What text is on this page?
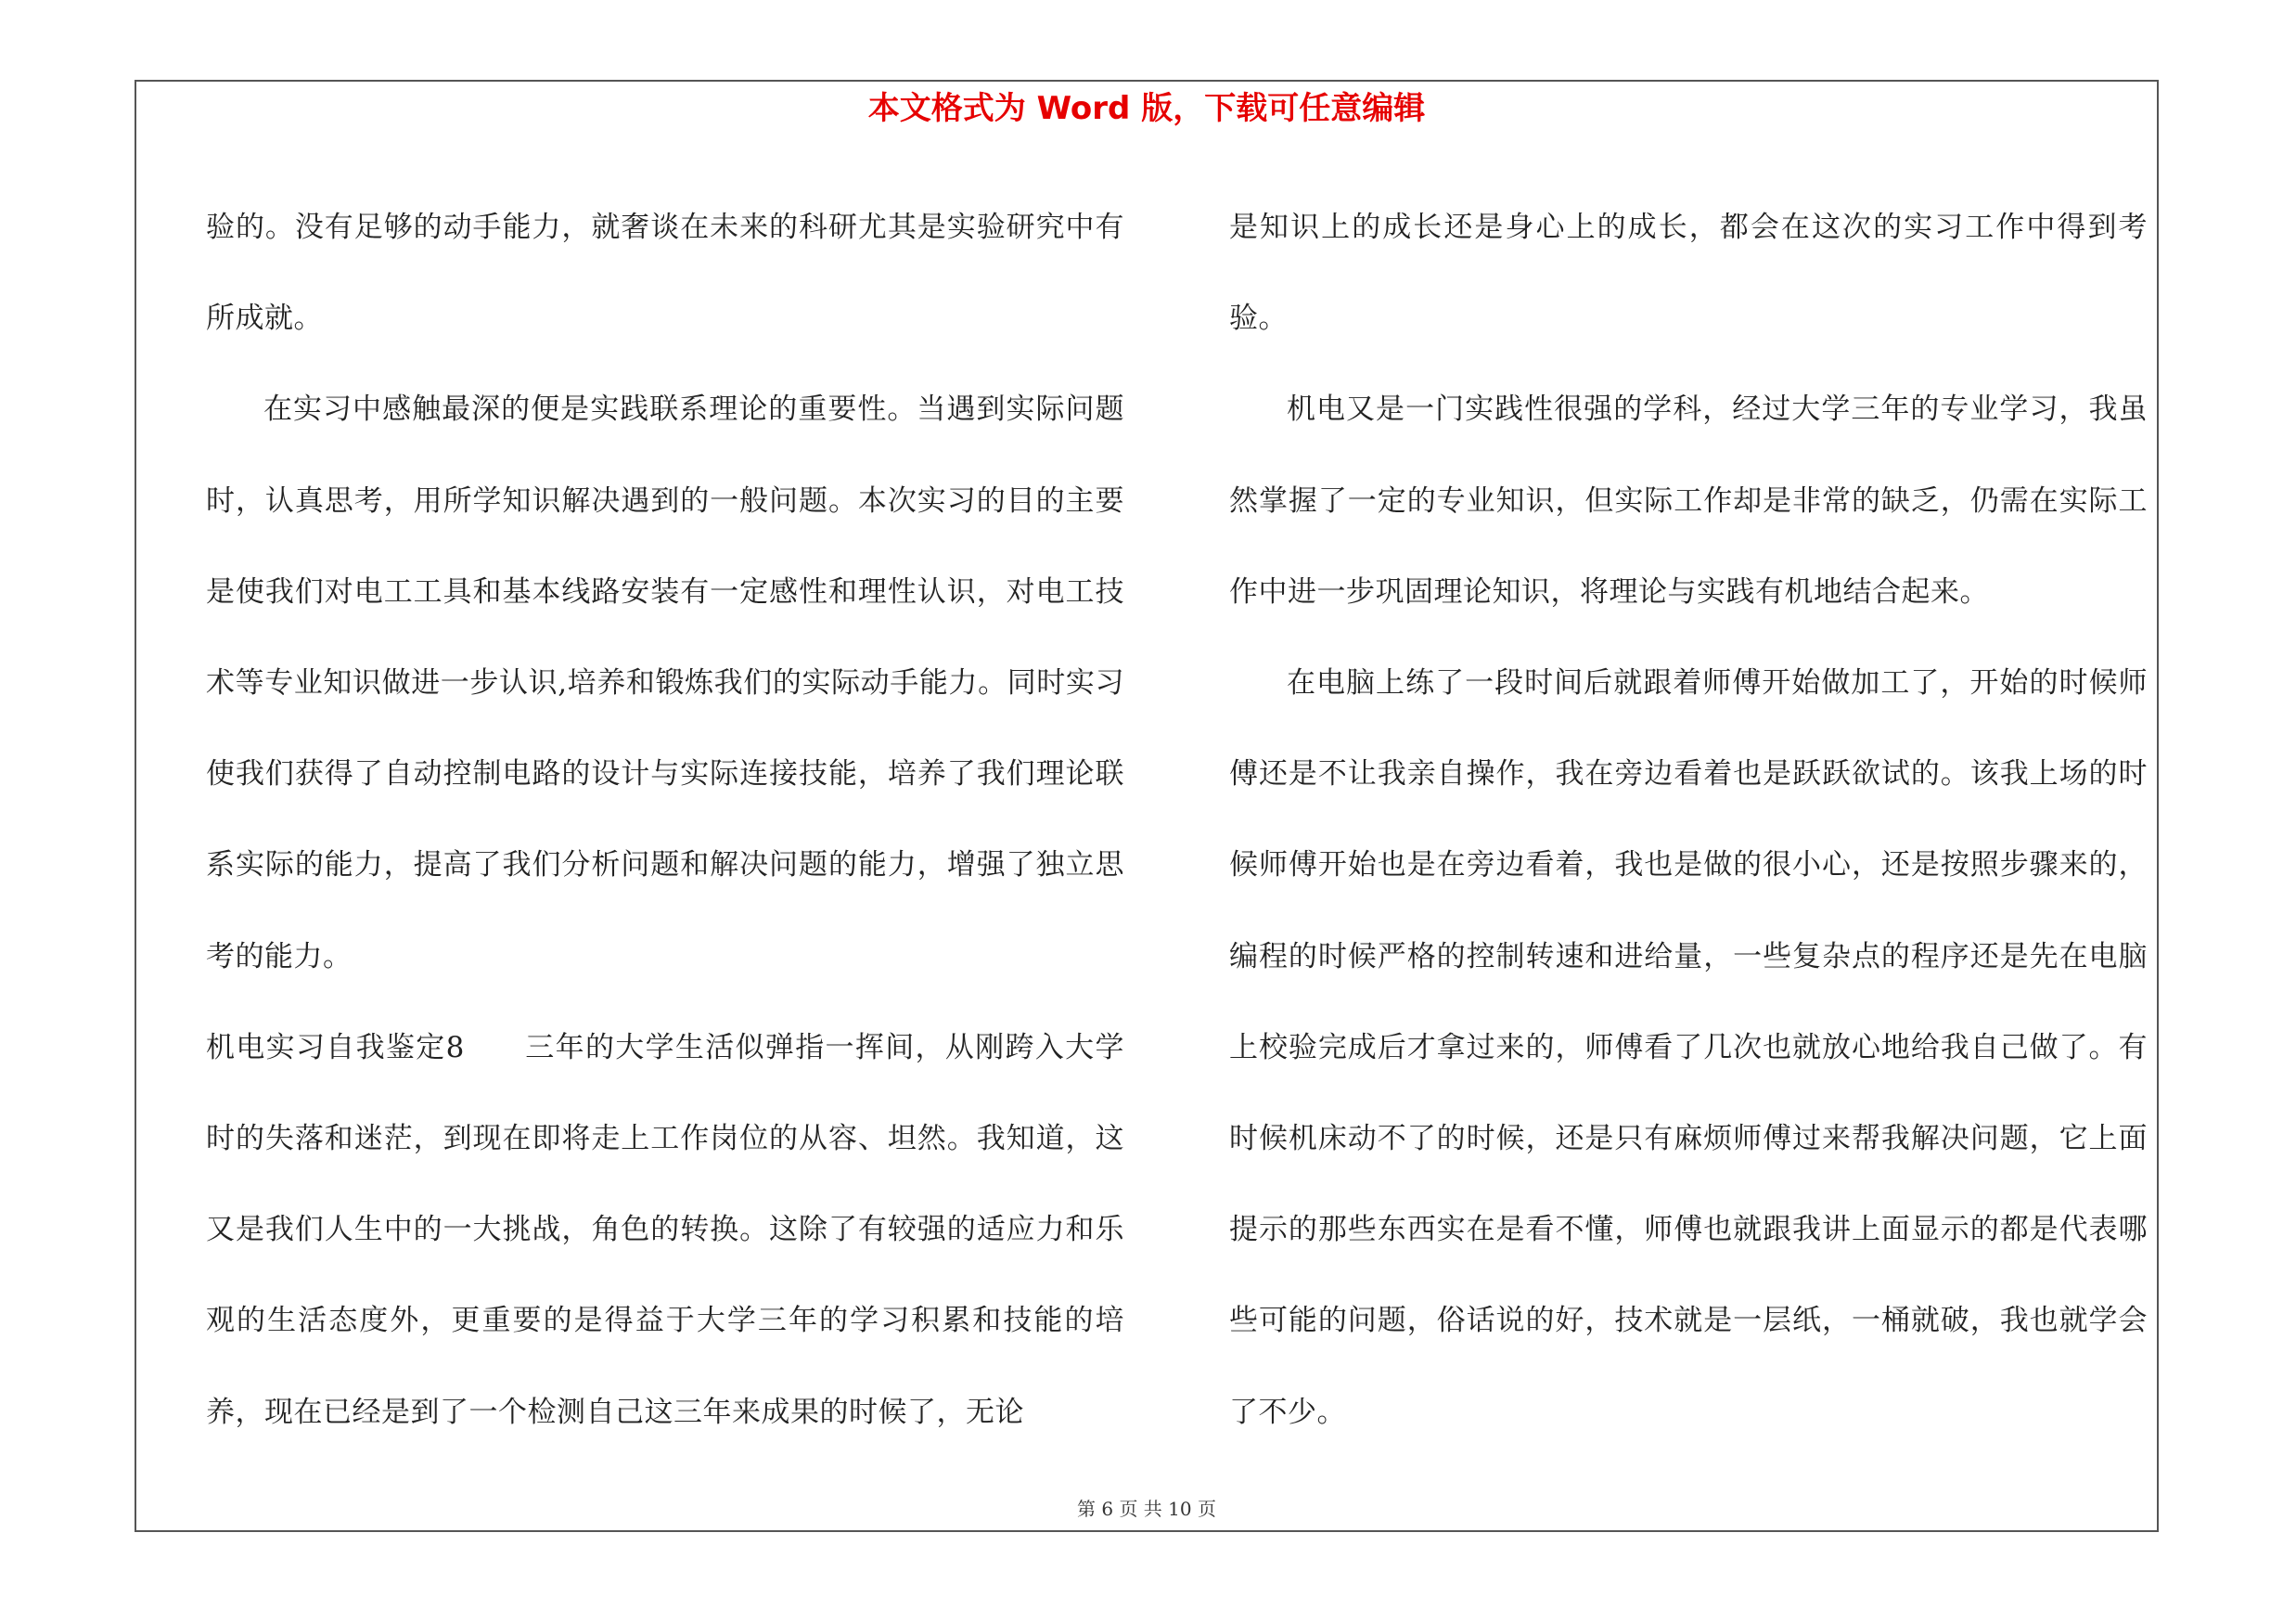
本文格式为 Word 版，下载可任意编辑

验的。没有足够的动手能力，就奢谈在未来的科研尤其是实验研究中有所成就。

在实习中感触最深的便是实践联系理论的重要性。当遇到实际问题时，认真思考，用所学知识解决遇到的一般问题。本次实习的目的主要是使我们对电工工具和基本线路安装有一定感性和理性认识，对电工技术等专业知识做进一步认识,培养和锻炼我们的实际动手能力。同时实习使我们获得了自动控制电路的设计与实际连接技能，培养了我们理论联系实际的能力，提高了我们分析问题和解决问题的能力，增强了独立思考的能力。

机电实习自我鉴定8　　三年的大学生活似弹指一挥间，从刚跨入大学时的失落和迷茫，到现在即将走上工作岗位的从容、坦然。我知道，这又是我们人生中的一大挑战，角色的转换。这除了有较强的适应力和乐观的生活态度外，更重要的是得益于大学三年的学习积累和技能的培养，现在已经是到了一个检测自己这三年来成果的时候了，无论

是知识上的成长还是身心上的成长，都会在这次的实习工作中得到考验。

机电又是一门实践性很强的学科，经过大学三年的专业学习，我虽然掌握了一定的专业知识，但实际工作却是非常的缺乏，仍需在实际工作中进一步巩固理论知识，将理论与实践有机地结合起来。

在电脑上练了一段时间后就跟着师傅开始做加工了，开始的时候师傅还是不让我亲自操作，我在旁边看着也是跃跃欲试的。该我上场的时候师傅开始也是在旁边看着，我也是做的很小心，还是按照步骤来的，编程的时候严格的控制转速和进给量，一些复杂点的程序还是先在电脑上校验完成后才拿过来的，师傅看了几次也就放心地给我自己做了。有时候机床动不了的时候，还是只有麻烦师傅过来帮我解决问题，它上面提示的那些东西实在是看不懂，师傅也就跟我讲上面显示的都是代表哪些可能的问题，俗话说的好，技术就是一层纸，一桶就破，我也就学会了不少。

第 6 页 共 10 页
